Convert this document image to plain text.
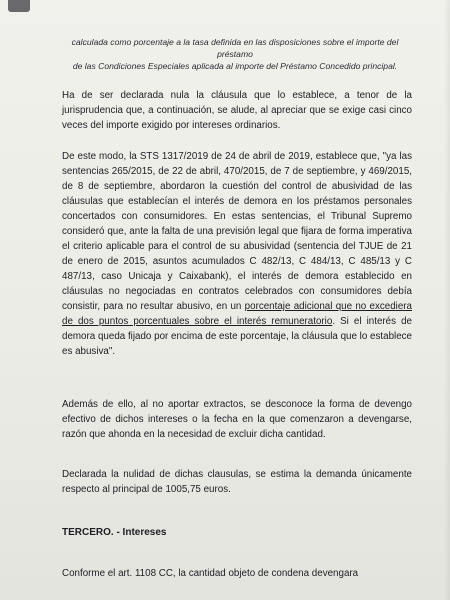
calculada como porcentaje a la tasa definida en las disposiciones sobre el importe del préstamo
de las Condiciones Especiales aplicada al importe del Préstamo Concedido principal.

Ha de ser declarada nula la cláusula que lo establece, a tenor de la jurisprudencia que, a continuación, se alude, al apreciar que se exige casi cinco veces del importe exigido por intereses ordinarios.

De este modo, la STS 1317/2019 de 24 de abril de 2019, establece que, "ya las sentencias 265/2015, de 22 de abril, 470/2015, de 7 de septiembre, y 469/2015, de 8 de septiembre, abordaron la cuestión del control de abusividad de las cláusulas que establecían el interés de demora en los préstamos personales concertados con consumidores. En estas sentencias, el Tribunal Supremo consideró que, ante la falta de una previsión legal que fijara de forma imperativa el criterio aplicable para el control de su abusividad (sentencia del TJUE de 21 de enero de 2015, asuntos acumulados C 482/13, C 484/13, C 485/13 y C 487/13, caso Unicaja y Caixabank), el interés de demora establecido en cláusulas no negociadas en contratos celebrados con consumidores debía consistir, para no resultar abusivo, en un porcentaje adicional que no excediera de dos puntos porcentuales sobre el interés remuneratorio. Si el interés de demora queda fijado por encima de este porcentaje, la cláusula que lo establece es abusiva".

Además de ello, al no aportar extractos, se desconoce la forma de devengo efectivo de dichos intereses o la fecha en la que comenzaron a devengarse, razón que ahonda en la necesidad de excluir dicha cantidad.

Declarada la nulidad de dichas clausulas, se estima la demanda únicamente respecto al principal de 1005,75 euros.

TERCERO. - Intereses

Conforme el art. 1108 CC, la cantidad objeto de condena devengara
